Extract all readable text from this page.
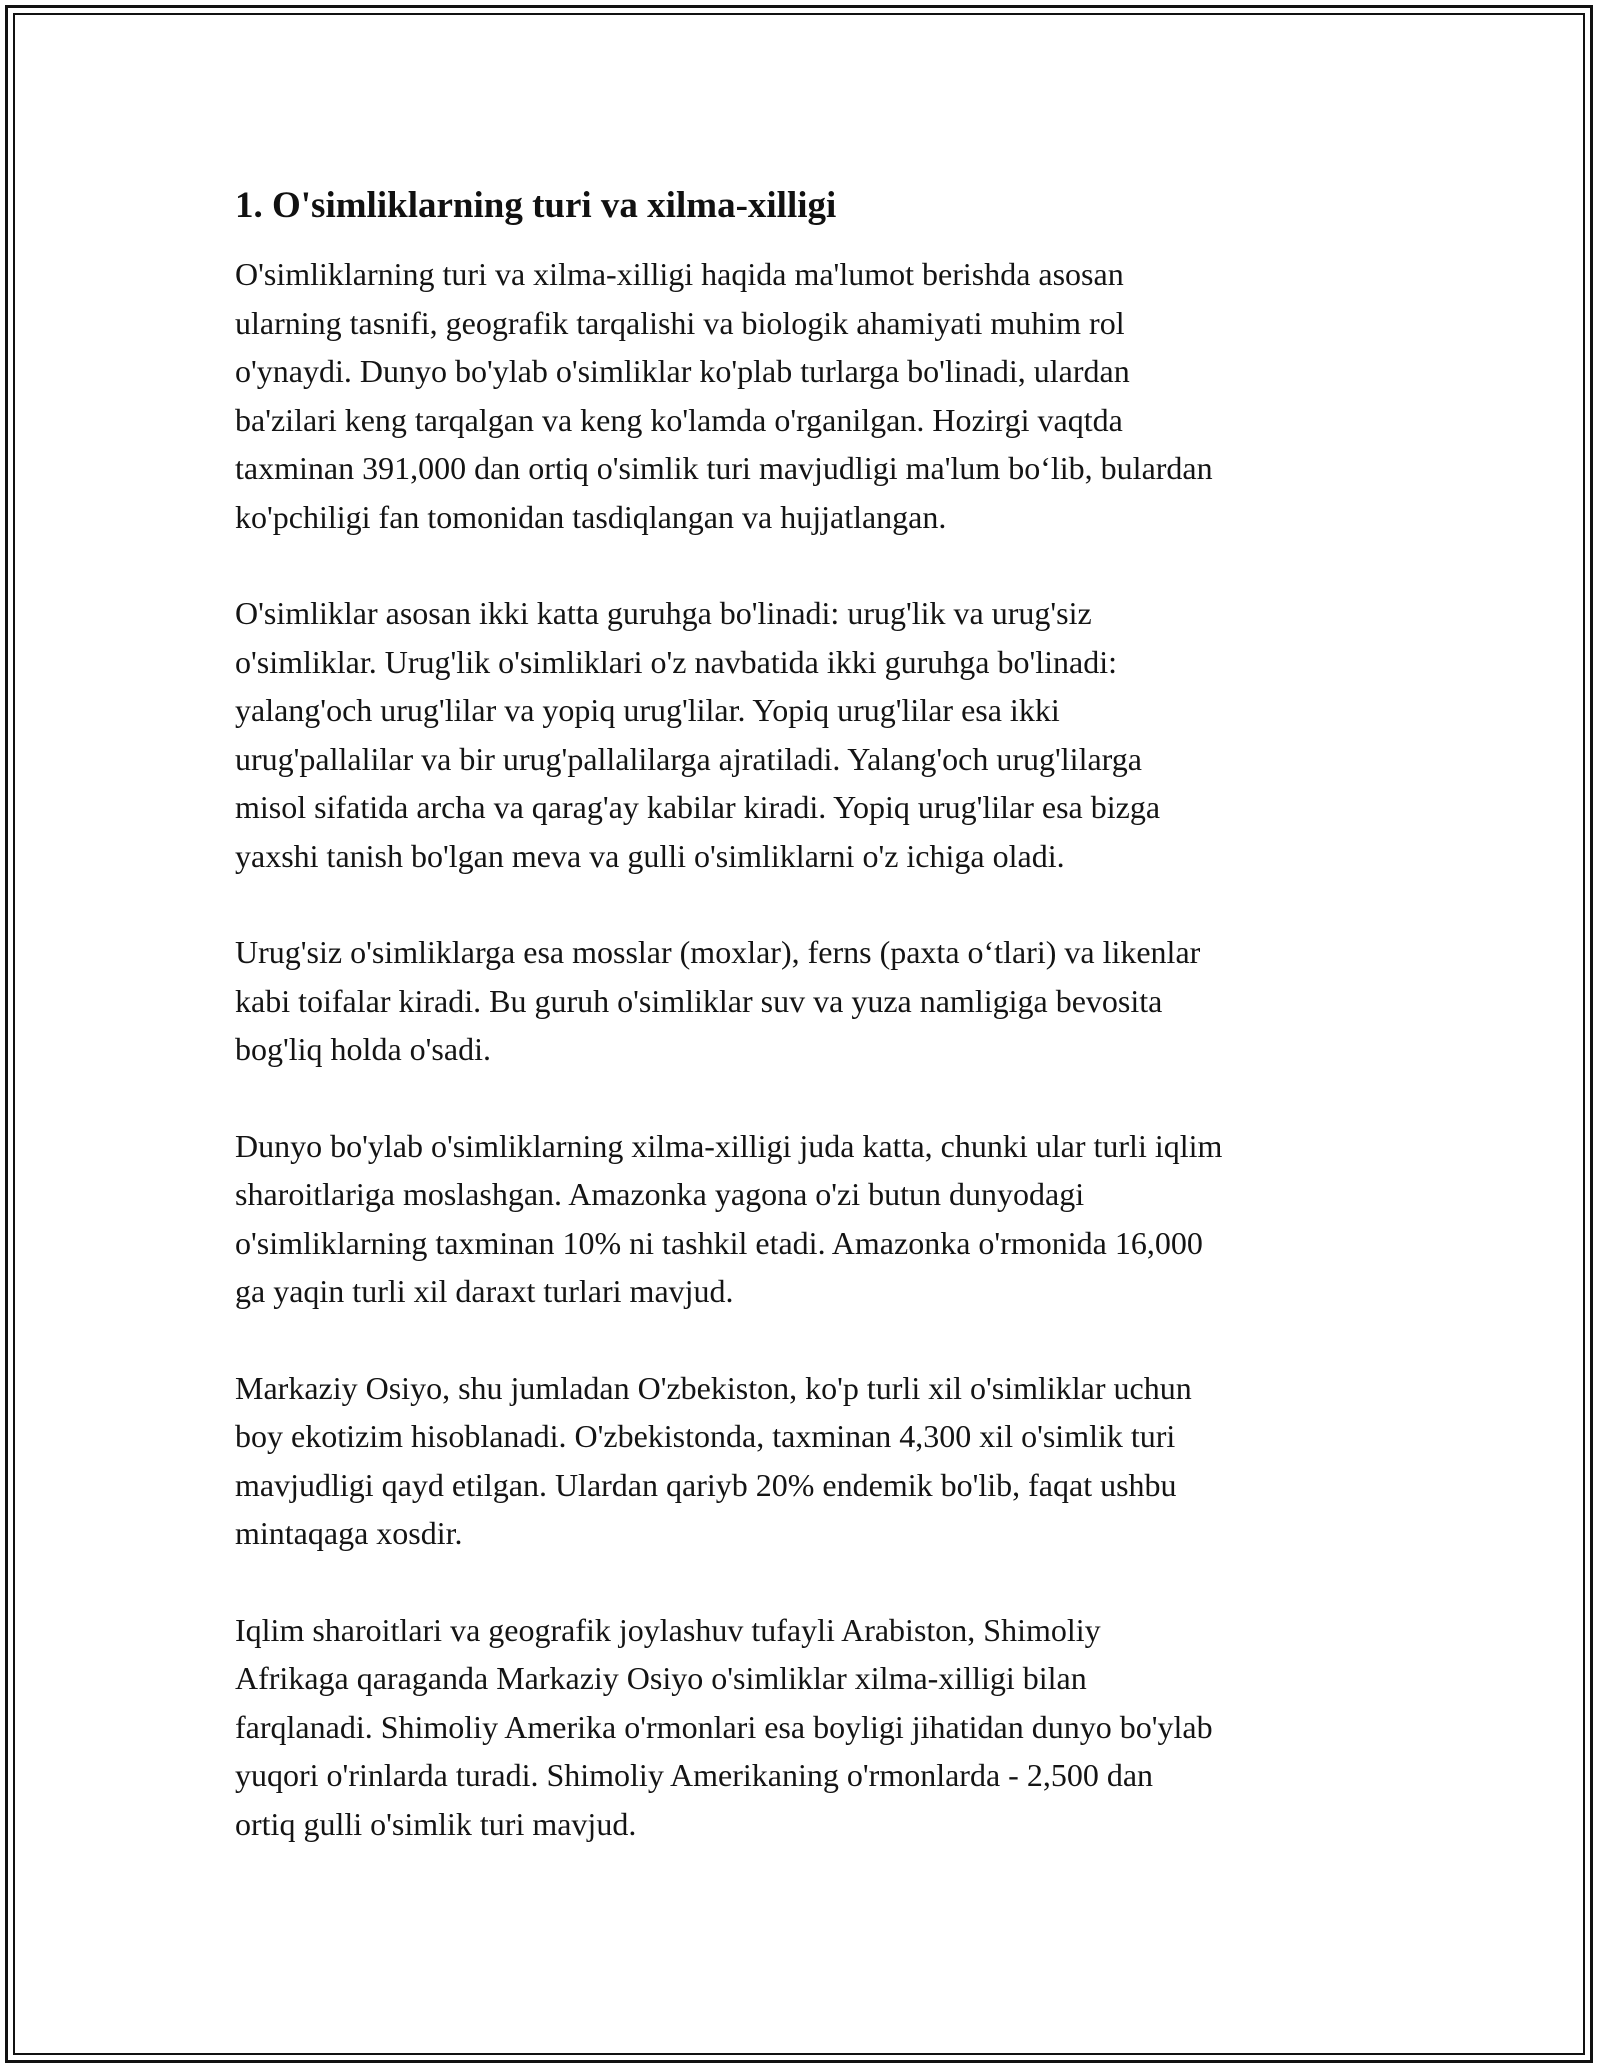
1. O'simliklarning turi va xilma-xilligi

O'simliklarning turi va xilma-xilligi haqida ma'lumot berishda asosan
ularning tasnifi, geografik tarqalishi va biologik ahamiyati muhim rol
o'ynaydi. Dunyo bo'ylab o'simliklar ko'plab turlarga bo'linadi, ulardan
ba'zilari keng tarqalgan va keng ko'lamda o'rganilgan. Hozirgi vaqtda
taxminan 391,000 dan ortiq o'simlik turi mavjudligi ma'lum bo‘lib, bulardan
ko'pchiligi fan tomonidan tasdiqlangan va hujjatlangan.

O'simliklar asosan ikki katta guruhga bo'linadi: urug'lik va urug'siz
o'simliklar. Urug'lik o'simliklari o'z navbatida ikki guruhga bo'linadi:
yalang'och urug'lilar va yopiq urug'lilar. Yopiq urug'lilar esa ikki
urug'pallalilar va bir urug'pallalilarga ajratiladi. Yalang'och urug'lilarga
misol sifatida archa va qarag'ay kabilar kiradi. Yopiq urug'lilar esa bizga
yaxshi tanish bo'lgan meva va gulli o'simliklarni o'z ichiga oladi.

Urug'siz o'simliklarga esa mosslar (moxlar), ferns (paxta o‘tlari) va likenlar
kabi toifalar kiradi. Bu guruh o'simliklar suv va yuza namligiga bevosita
bog'liq holda o'sadi.

Dunyo bo'ylab o'simliklarning xilma-xilligi juda katta, chunki ular turli iqlim
sharoitlariga moslashgan. Amazonka yagona o'zi butun dunyodagi
o'simliklarning taxminan 10% ni tashkil etadi. Amazonka o'rmonida 16,000
ga yaqin turli xil daraxt turlari mavjud.

Markaziy Osiyo, shu jumladan O'zbekiston, ko'p turli xil o'simliklar uchun
boy ekotizim hisoblanadi. O'zbekistonda, taxminan 4,300 xil o'simlik turi
mavjudligi qayd etilgan. Ulardan qariyb 20% endemik bo'lib, faqat ushbu
mintaqaga xosdir.

Iqlim sharoitlari va geografik joylashuv tufayli Arabiston, Shimoliy
Afrikaga qaraganda Markaziy Osiyo o'simliklar xilma-xilligi bilan
farqlanadi. Shimoliy Amerika o'rmonlari esa boyligi jihatidan dunyo bo'ylab
yuqori o'rinlarda turadi. Shimoliy Amerikaning o'rmonlarda - 2,500 dan
ortiq gulli o'simlik turi mavjud.
